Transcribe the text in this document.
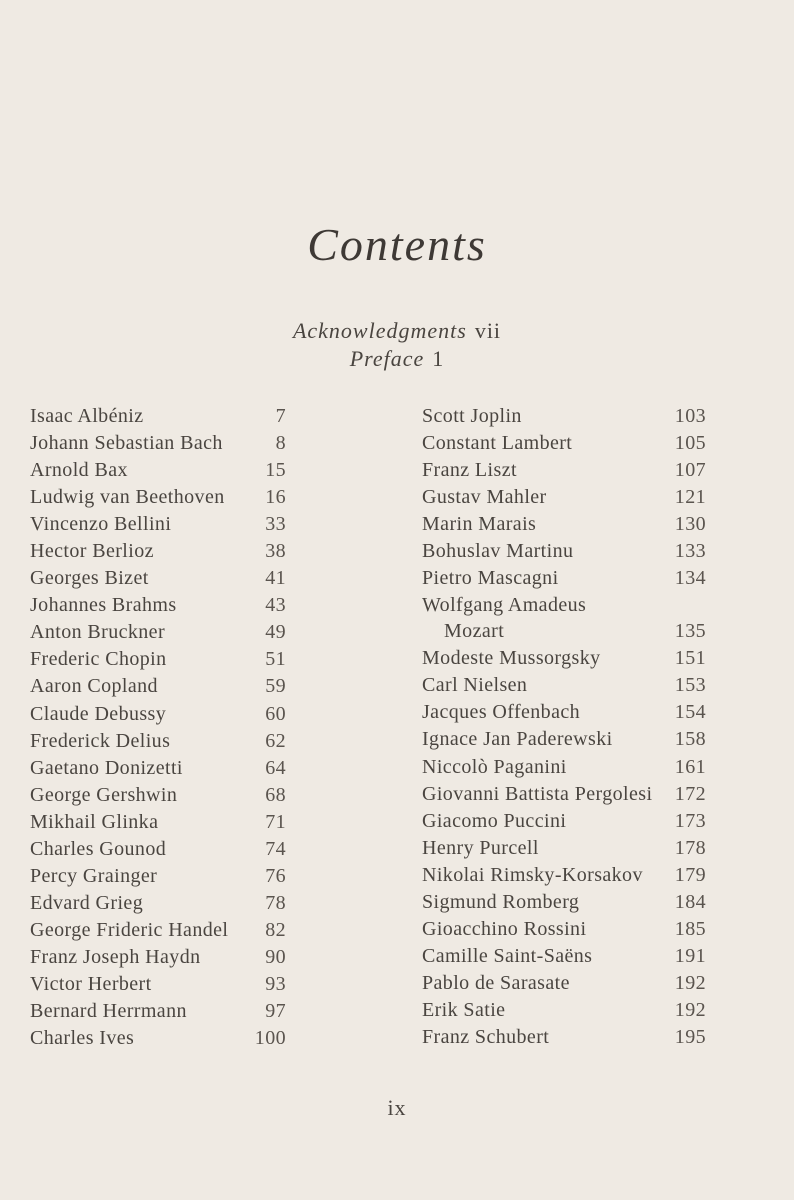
Contents
Acknowledgments vii
Preface 1
Isaac Albéniz	7
Johann Sebastian Bach	8
Arnold Bax	15
Ludwig van Beethoven 16
Vincenzo Bellini	33
Hector Berlioz	38
Georges Bizet	41
Johannes Brahms	43
Anton Bruckner	49
Frederic Chopin	51
Aaron Copland	59
Claude Debussy	60
Frederick Delius	62
Gaetano Donizetti	64
George Gershwin	68
Mikhail Glinka	71
Charles Gounod	74
Percy Grainger	76
Edvard Grieg	78
George Frideric Handel 82
Franz Joseph Haydn	90
Victor Herbert	93
Bernard Herrmann	97
Charles Ives	100
Scott Joplin	103
Constant Lambert	105
Franz Liszt	107
Gustav Mahler	121
Marin Marais	130
Bohuslav Martinu	133
Pietro Mascagni	134
Wolfgang Amadeus
Mozart	135
Modeste Mussorgsky	151
Carl Nielsen	153
Jacques Offenbach	154
Ignace Jan Paderewski	158
Niccolò Paganini	161
Giovanni Battista Pergolesi 172
Giacomo Puccini	173
Henry Purcell	178
Nikolai Rimsky-Korsakov 179
Sigmund Romberg	184
Gioacchino Rossini	185
Camille Saint-Saëns	191
Pablo de Sarasate	192
Erik Satie	192
Franz Schubert	195
ix
